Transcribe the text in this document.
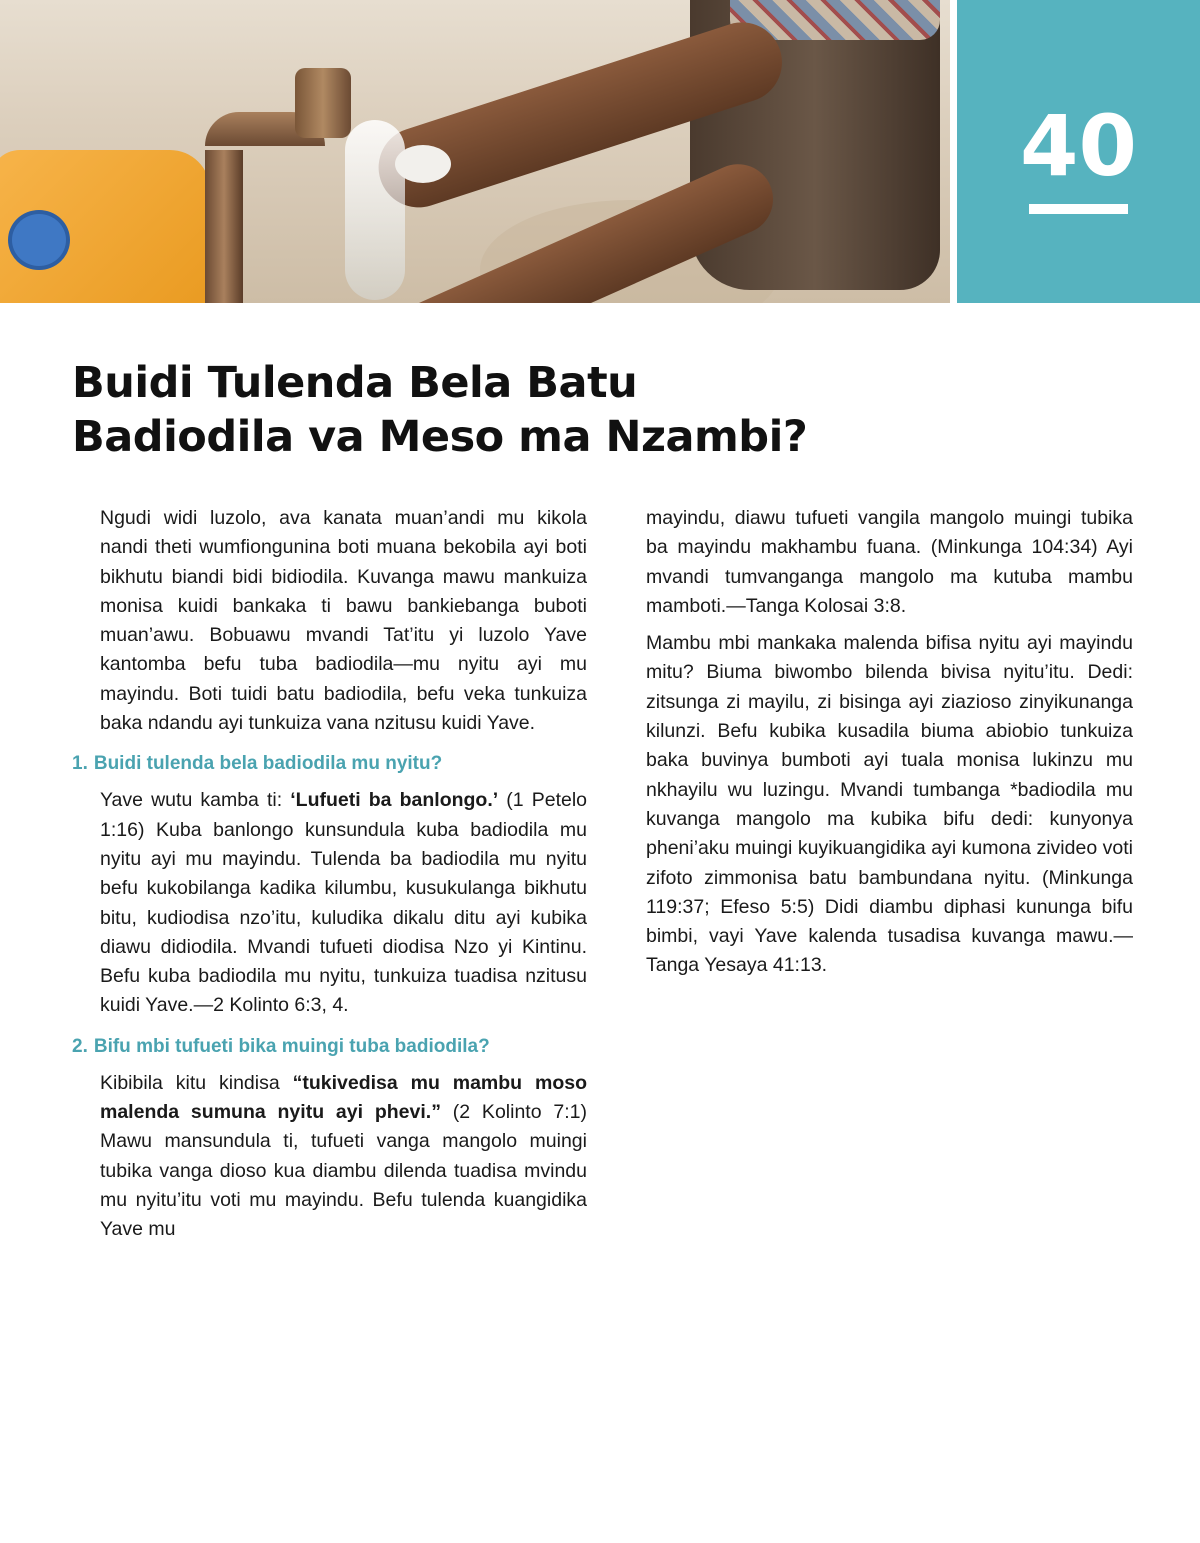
40
Buidi Tulenda Bela Batu
Badiodila va Meso ma Nzambi?

Ngudi widi luzolo, ava kanata muan’andi mu kikola nandi theti wumfiongunina boti muana bekobila ayi boti bikhutu biandi bidi bidiodila. Kuvanga mawu mankuiza monisa kuidi bankaka ti bawu bankiebanga buboti muan’awu. Bobuawu mvandi Tat’itu yi luzolo Yave kantomba befu tuba badiodila—mu nyitu ayi mu mayindu. Boti tuidi batu badiodila, befu veka tunkuiza baka ndandu ayi tunkuiza vana nzitusu kuidi Yave.

1. Buidi tulenda bela badiodila mu nyitu?

Yave wutu kamba ti: ‘Lufueti ba banlongo.’ (1 Petelo 1:16) Kuba banlongo kunsundula kuba badiodila mu nyitu ayi mu mayindu. Tulenda ba badiodila mu nyitu befu kukobilanga kadika kilumbu, kusukulanga bikhutu bitu, kudiodisa nzo’itu, kuludika dikalu ditu ayi kubika diawu didiodila. Mvandi tufueti diodisa Nzo yi Kintinu. Befu kuba badiodila mu nyitu, tunkuiza tuadisa nzitusu kuidi Yave.—2 Kolinto 6:3, 4.

2. Bifu mbi tufueti bika muingi tuba badiodila?

Kibibila kitu kindisa “tukivedisa mu mambu moso malenda sumuna nyitu ayi phevi.” (2 Kolinto 7:1) Mawu mansundula ti, tufueti vanga mangolo muingi tubika vanga dioso kua diambu dilenda tuadisa mvindu mu nyitu’itu voti mu mayindu. Befu tulenda kuangidika Yave mu

mayindu, diawu tufueti vangila mangolo muingi tubika ba mayindu makhambu fuana. (Minkunga 104:34) Ayi mvandi tumvanganga mangolo ma kutuba mambu mamboti.—Tanga Kolosai 3:8.

Mambu mbi mankaka malenda bifisa nyitu ayi mayindu mitu? Biuma biwombo bilenda bivisa nyitu’itu. Dedi: zitsunga zi mayilu, zi bisinga ayi ziazioso zinyikunanga kilunzi. Befu kubika kusadila biuma abiobio tunkuiza baka buvinya bumboti ayi tuala monisa lukinzu mu nkhayilu wu luzingu. Mvandi tumbanga *badiodila mu kuvanga mangolo ma kubika bifu dedi: kunyonya pheni’aku muingi kuyikuangidika ayi kumona zivideo voti zifoto zimmonisa batu bambundana nyitu. (Minkunga 119:37; Efeso 5:5) Didi diambu diphasi kununga bifu bimbi, vayi Yave kalenda tusadisa kuvanga mawu.—Tanga Yesaya 41:13.
